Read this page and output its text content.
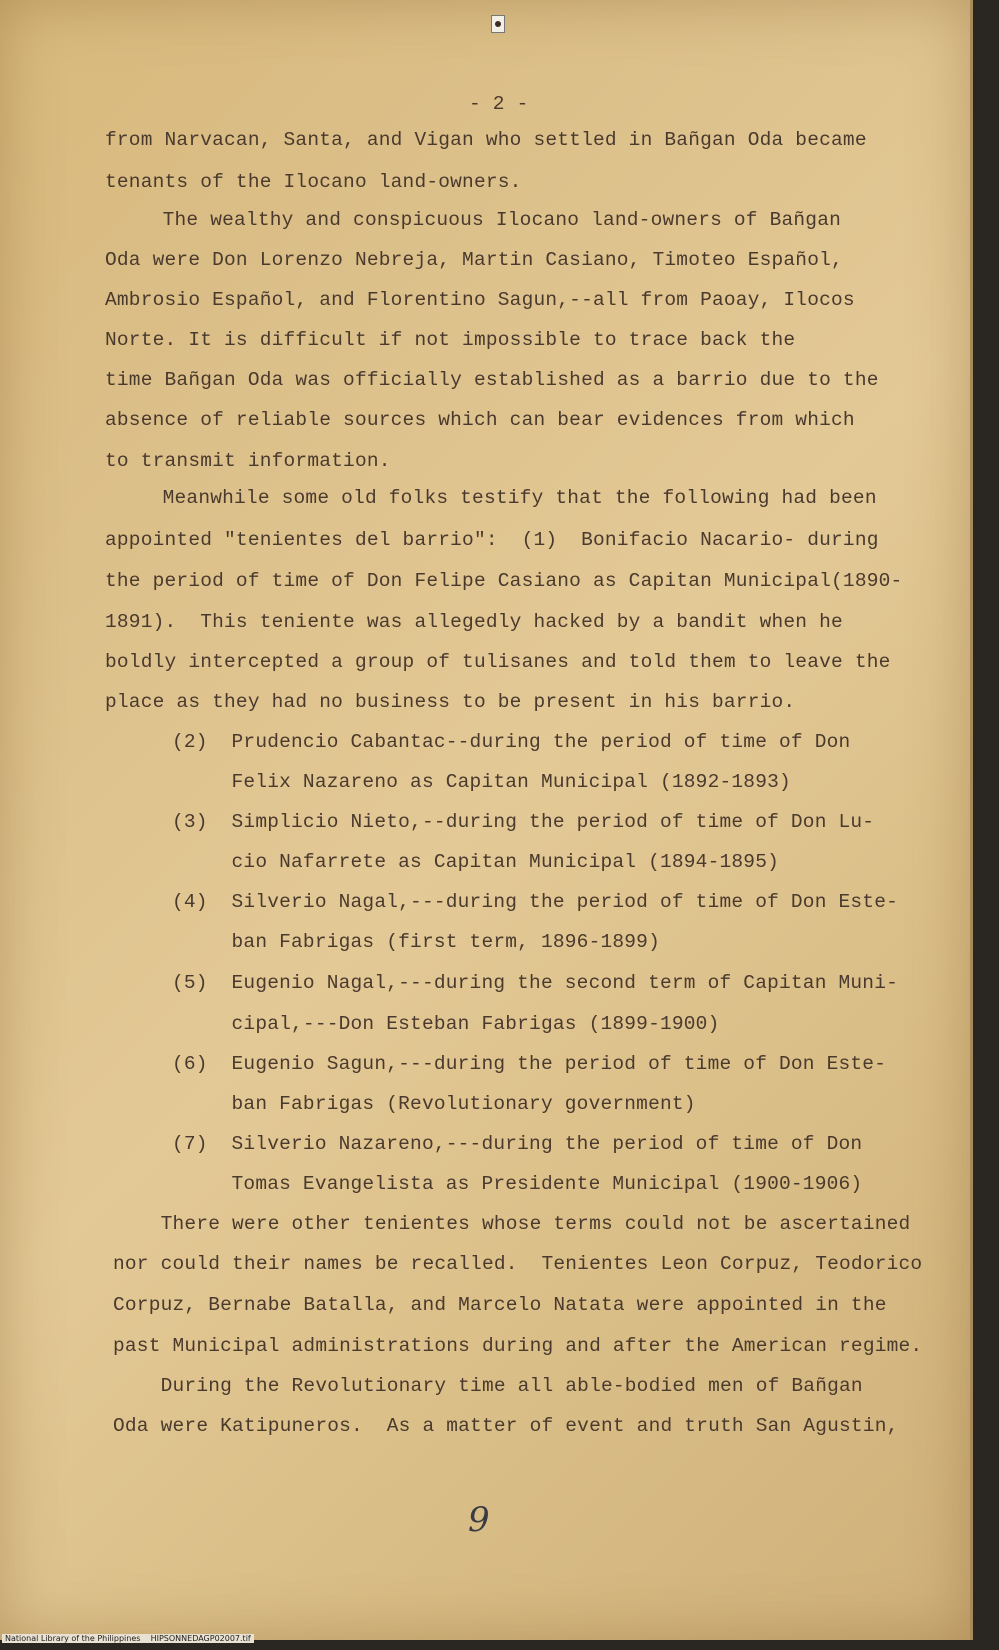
- 2 -
from Narvacan, Santa, and Vigan who settled in Bañgan Oda became
tenants of the Ilocano land-owners.
The wealthy and conspicuous Ilocano land-owners of Bañgan
Oda were Don Lorenzo Nebreja, Martin Casiano, Timoteo Español,
Ambrosio Español, and Florentino Sagun,--all from Paoay, Ilocos
Norte. It is difficult if not impossible to trace back the
time Bañgan Oda was officially established as a barrio due to the
absence of reliable sources which can bear evidences from which
to transmit information.
Meanwhile some old folks testify that the following had been
appointed "tenientes del barrio":  (1)  Bonifacio Nacario- during
the period of time of Don Felipe Casiano as Capitan Municipal(1890-
1891).  This teniente was allegedly hacked by a bandit when he
boldly intercepted a group of tulisanes and told them to leave the
place as they had no business to be present in his barrio.
(2)  Prudencio Cabantac--during the period of time of Don
Felix Nazareno as Capitan Municipal (1892-1893)
(3)  Simplicio Nieto,--during the period of time of Don Lu-
cio Nafarrete as Capitan Municipal (1894-1895)
(4)  Silverio Nagal,---during the period of time of Don Este-
ban Fabrigas (first term, 1896-1899)
(5)  Eugenio Nagal,---during the second term of Capitan Muni-
cipal,---Don Esteban Fabrigas (1899-1900)
(6)  Eugenio Sagun,---during the period of time of Don Este-
ban Fabrigas (Revolutionary government)
(7)  Silverio Nazareno,---during the period of time of Don
Tomas Evangelista as Presidente Municipal (1900-1906)
There were other tenientes whose terms could not be ascertained
nor could their names be recalled.  Tenientes Leon Corpuz, Teodorico
Corpuz, Bernabe Batalla, and Marcelo Natata were appointed in the
past Municipal administrations during and after the American regime.
During the Revolutionary time all able-bodied men of Bañgan
Oda were Katipuneros.  As a matter of event and truth San Agustin,
9
National Library of the Philippines    HIPSONNEDAGP02007.tif
